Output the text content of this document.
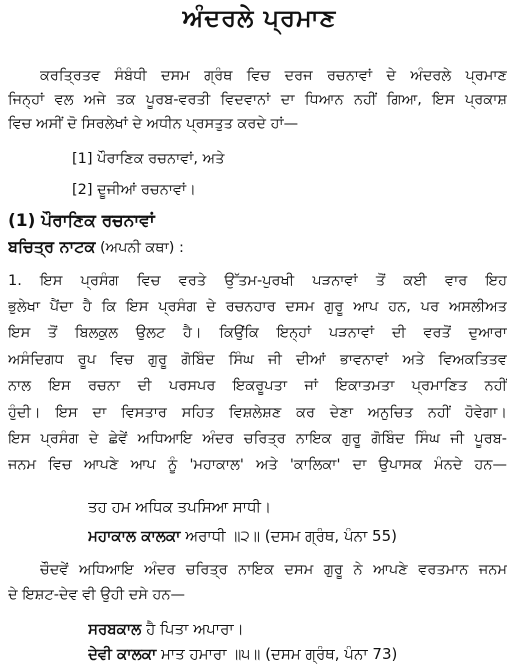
ਅੰਦਰਲੇ ਪ੍ਰਮਾਣ
ਕਰਤ੍ਰਿਤਵ ਸੰਬੰਧੀ ਦਸਮ ਗ੍ਰੰਥ ਵਿਚ ਦਰਜ ਰਚਨਾਵਾਂ ਦੇ ਅੰਦਰਲੇ ਪ੍ਰਮਾਣ
ਜਿਨ੍ਹਾਂ ਵਲ ਅਜੇ ਤਕ ਪੂਰਬ-ਵਰਤੀ ਵਿਦਵਾਨਾਂ ਦਾ ਧਿਆਨ ਨਹੀਂ ਗਿਆ, ਇਸ ਪ੍ਰਕਾਸ਼
ਵਿਚ ਅਸੀਂ ਦੋ ਸਿਰਲੇਖਾਂ ਦੇ ਅਧੀਨ ਪ੍ਰਸਤੁਤ ਕਰਦੇ ਹਾਂ—
[1] ਪੌਰਾਣਿਕ ਰਚਨਾਵਾਂ, ਅਤੇ
[2] ਦੂਜੀਆਂ ਰਚਨਾਵਾਂ।
(1) ਪੌਰਾਣਿਕ ਰਚਨਾਵਾਂ
ਬਚਿਤ੍ਰ ਨਾਟਕ (ਅਪਨੀ ਕਥਾ) :
1. ਇਸ ਪ੍ਰਸੰਗ ਵਿਚ ਵਰਤੇ ਉੱਤਮ-ਪੁਰਖੀ ਪੜਨਾਵਾਂ ਤੋਂ ਕਈ ਵਾਰ ਇਹ
ਭੁਲੇਖਾ ਪੈਂਦਾ ਹੈ ਕਿ ਇਸ ਪ੍ਰਸੰਗ ਦੇ ਰਚਨਹਾਰ ਦਸਮ ਗੁਰੂ ਆਪ ਹਨ, ਪਰ ਅਸਲੀਅਤ
ਇਸ ਤੋਂ ਬਿਲਕੁਲ ਉਲਟ ਹੈ। ਕਿਉਂਕਿ ਇਨ੍ਹਾਂ ਪੜਨਾਵਾਂ ਦੀ ਵਰਤੋਂ ਦੁਆਰਾ
ਅਸੰਦਿਗਧ ਰੂਪ ਵਿਚ ਗੁਰੂ ਗੋਬਿੰਦ ਸਿੰਘ ਜੀ ਦੀਆਂ ਭਾਵਨਾਵਾਂ ਅਤੇ ਵਿਅਕਤਿਤਵ
ਨਾਲ ਇਸ ਰਚਨਾ ਦੀ ਪਰਸਪਰ ਇਕਰੂਪਤਾ ਜਾਂ ਇਕਾਤਮਤਾ ਪ੍ਰਮਾਣਿਤ ਨਹੀਂ
ਹੁੰਦੀ। ਇਸ ਦਾ ਵਿਸਤਾਰ ਸਹਿਤ ਵਿਸ਼ਲੇਸ਼ਣ ਕਰ ਦੇਣਾ ਅਨੁਚਿਤ ਨਹੀਂ ਹੋਵੇਗਾ।
ਇਸ ਪ੍ਰਸੰਗ ਦੇ ਛੇਵੇਂ ਅਧਿਆਇ ਅੰਦਰ ਚਰਿਤ੍ਰ ਨਾਇਕ ਗੁਰੂ ਗੋਬਿੰਦ ਸਿੰਘ ਜੀ ਪੂਰਬ-
ਜਨਮ ਵਿਚ ਆਪਣੇ ਆਪ ਨੂੰ 'ਮਹਾਕਾਲ' ਅਤੇ 'ਕਾਲਿਕਾ' ਦਾ ਉਪਾਸਕ ਮੰਨਦੇ ਹਨ—
ਤਹ ਹਮ ਅਧਿਕ ਤਪਸਿਆ ਸਾਧੀ।
ਮਹਾਕਾਲ ਕਾਲਕਾ ਅਰਾਧੀ ॥੨॥ (ਦਸਮ ਗ੍ਰੰਥ, ਪੰਨਾ 55)
ਚੌਦਵੇਂ ਅਧਿਆਇ ਅੰਦਰ ਚਰਿਤ੍ਰ ਨਾਇਕ ਦਸਮ ਗੁਰੂ ਨੇ ਆਪਣੇ ਵਰਤਮਾਨ ਜਨਮ
ਦੇ ਇਸ਼ਟ-ਦੇਵ ਵੀ ਉਹੀ ਦਸੇ ਹਨ—
ਸਰਬਕਾਲ ਹੈ ਪਿਤਾ ਅਪਾਰਾ।
ਦੇਵੀ ਕਾਲਕਾ ਮਾਤ ਹਮਾਰਾ ॥੫॥ (ਦਸਮ ਗ੍ਰੰਥ, ਪੰਨਾ 73)
